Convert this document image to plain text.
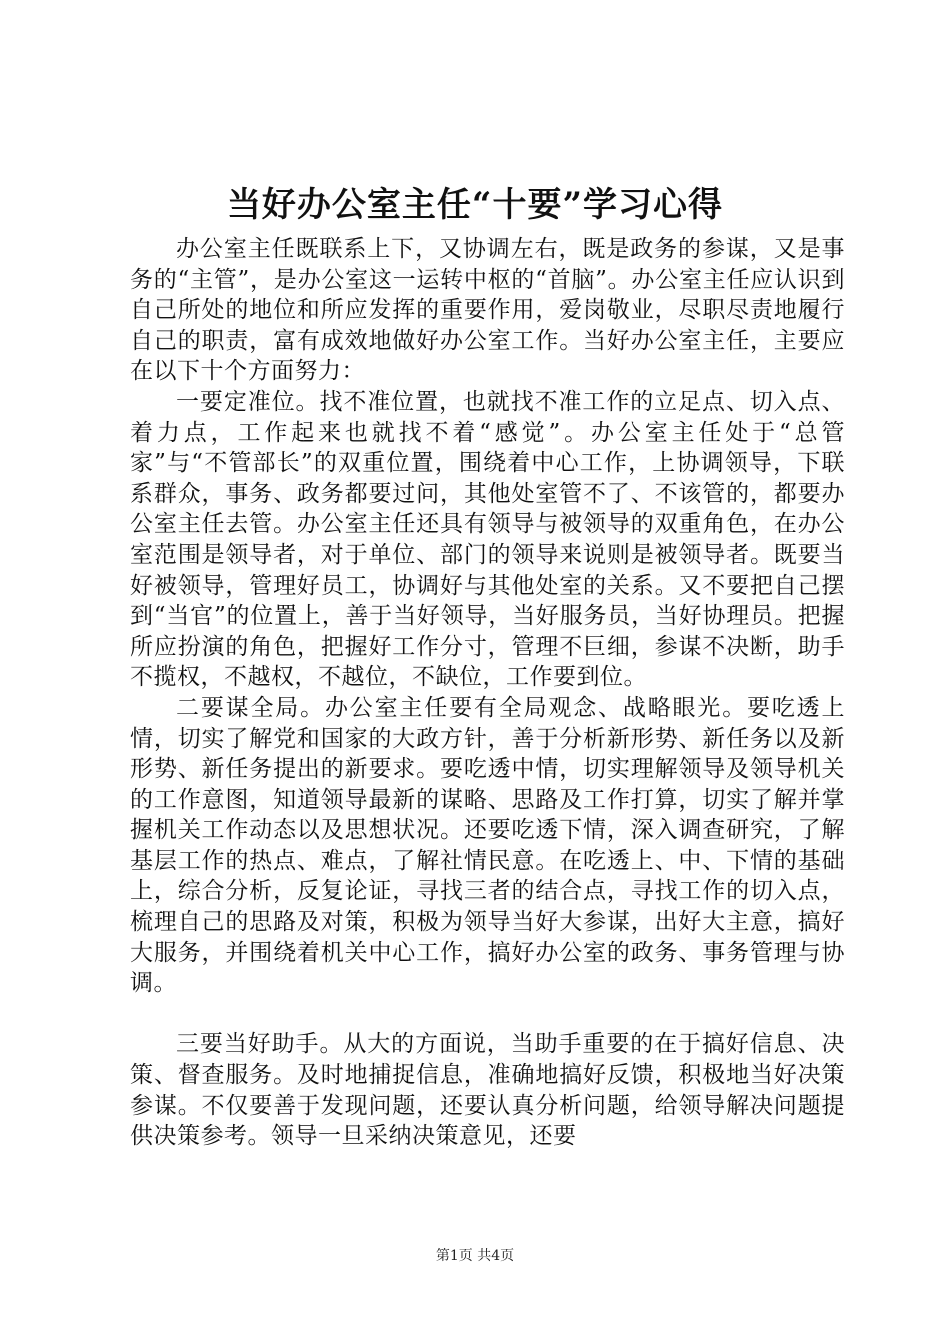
当好办公室主任“十要”学习心得

办公室主任既联系上下，又协调左右，既是政务的参谋，又是事务的“主管”，是办公室这一运转中枢的“首脑”。办公室主任应认识到自己所处的地位和所应发挥的重要作用，爱岗敬业，尽职尽责地履行自己的职责，富有成效地做好办公室工作。当好办公室主任，主要应在以下十个方面努力：

一要定准位。找不准位置，也就找不准工作的立足点、切入点、着力点，工作起来也就找不着“感觉”。办公室主任处于“总管家”与“不管部长”的双重位置，围绕着中心工作，上协调领导，下联系群众，事务、政务都要过问，其他处室管不了、不该管的，都要办公室主任去管。办公室主任还具有领导与被领导的双重角色，在办公室范围是领导者，对于单位、部门的领导来说则是被领导者。既要当好被领导，管理好员工，协调好与其他处室的关系。又不要把自己摆到“当官”的位置上，善于当好领导，当好服务员，当好协理员。把握所应扮演的角色，把握好工作分寸，管理不巨细，参谋不决断，助手不揽权，不越权，不越位，不缺位，工作要到位。

二要谋全局。办公室主任要有全局观念、战略眼光。要吃透上情，切实了解党和国家的大政方针，善于分析新形势、新任务以及新形势、新任务提出的新要求。要吃透中情，切实理解领导及领导机关的工作意图，知道领导最新的谋略、思路及工作打算，切实了解并掌握机关工作动态以及思想状况。还要吃透下情，深入调查研究，了解基层工作的热点、难点，了解社情民意。在吃透上、中、下情的基础上，综合分析，反复论证，寻找三者的结合点，寻找工作的切入点，梳理自己的思路及对策，积极为领导当好大参谋，出好大主意，搞好大服务，并围绕着机关中心工作，搞好办公室的政务、事务管理与协调。

三要当好助手。从大的方面说，当助手重要的在于搞好信息、决策、督查服务。及时地捕捉信息，准确地搞好反馈，积极地当好决策参谋。不仅要善于发现问题，还要认真分析问题，给领导解决问题提供决策参考。领导一旦采纳决策意见，还要

第1页 共4页
